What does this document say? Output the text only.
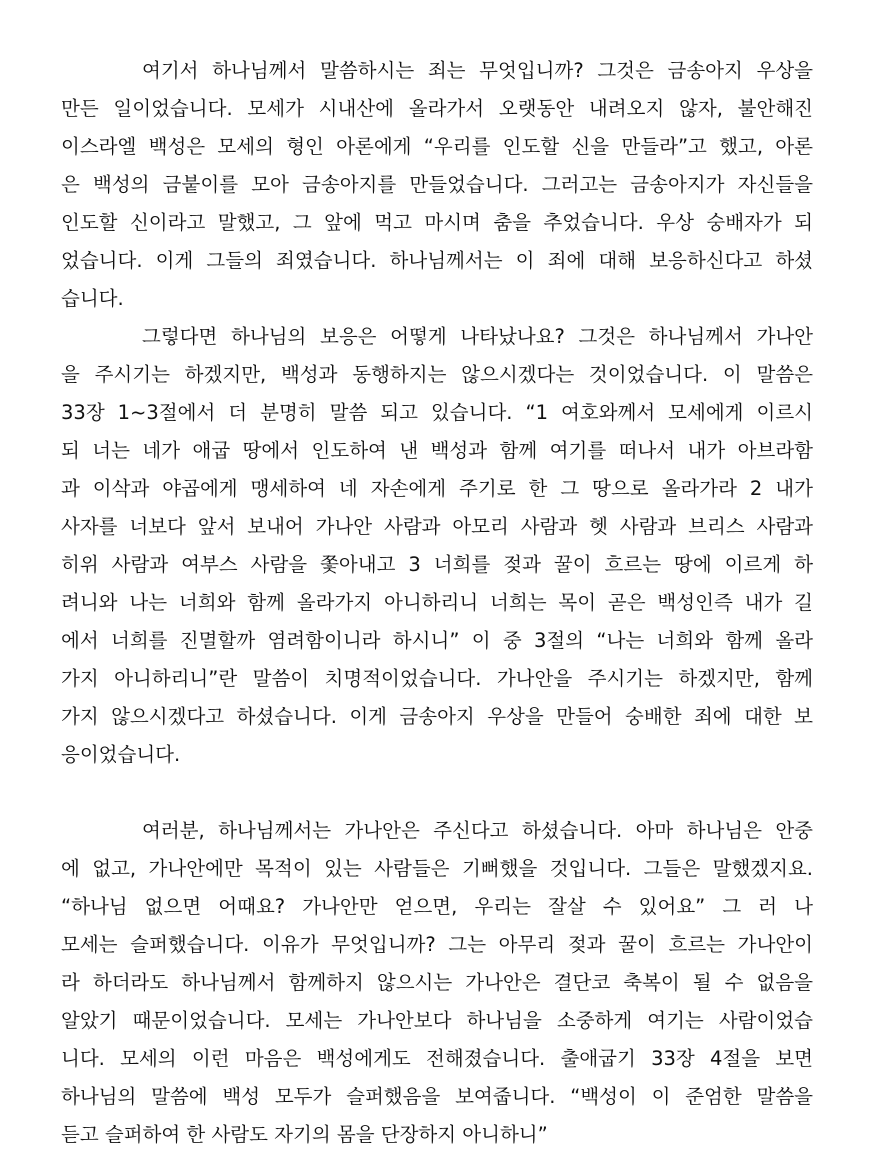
여기서 하나님께서 말씀하시는 죄는 무엇입니까? 그것은 금송아지 우상을
만든 일이었습니다. 모세가 시내산에 올라가서 오랫동안 내려오지 않자, 불안해진
이스라엘 백성은 모세의 형인 아론에게 “우리를 인도할 신을 만들라”고 했고, 아론
은 백성의 금붙이를 모아 금송아지를 만들었습니다. 그러고는 금송아지가 자신들을
인도할 신이라고 말했고, 그 앞에 먹고 마시며 춤을 추었습니다. 우상 숭배자가 되
었습니다. 이게 그들의 죄였습니다. 하나님께서는 이 죄에 대해 보응하신다고 하셨
습니다.
그렇다면 하나님의 보응은 어떻게 나타났나요? 그것은 하나님께서 가나안
을 주시기는 하겠지만, 백성과 동행하지는 않으시겠다는 것이었습니다. 이 말씀은
33장 1~3절에서 더 분명히 말씀 되고 있습니다. “1 여호와께서 모세에게 이르시
되 너는 네가 애굽 땅에서 인도하여 낸 백성과 함께 여기를 떠나서 내가 아브라함
과 이삭과 야곱에게 맹세하여 네 자손에게 주기로 한 그 땅으로 올라가라 2 내가
사자를 너보다 앞서 보내어 가나안 사람과 아모리 사람과 헷 사람과 브리스 사람과
히위 사람과 여부스 사람을 쫓아내고 3 너희를 젖과 꿀이 흐르는 땅에 이르게 하
려니와 나는 너희와 함께 올라가지 아니하리니 너희는 목이 곧은 백성인즉 내가 길
에서 너희를 진멸할까 염려함이니라 하시니” 이 중 3절의 “나는 너희와 함께 올라
가지 아니하리니”란 말씀이 치명적이었습니다. 가나안을 주시기는 하겠지만, 함께
가지 않으시겠다고 하셨습니다. 이게 금송아지 우상을 만들어 숭배한 죄에 대한 보
응이었습니다.
여러분, 하나님께서는 가나안은 주신다고 하셨습니다. 아마 하나님은 안중
에 없고, 가나안에만 목적이 있는 사람들은 기뻐했을 것입니다. 그들은 말했겠지요.
“하나님 없으면 어때요? 가나안만 얻으면, 우리는 잘살 수 있어요” 그 러 나
모세는 슬퍼했습니다. 이유가 무엇입니까? 그는 아무리 젖과 꿀이 흐르는 가나안이
라 하더라도 하나님께서 함께하지 않으시는 가나안은 결단코 축복이 될 수 없음을
알았기 때문이었습니다. 모세는 가나안보다 하나님을 소중하게 여기는 사람이었습
니다. 모세의 이런 마음은 백성에게도 전해졌습니다. 출애굽기 33장 4절을 보면
하나님의 말씀에 백성 모두가 슬퍼했음을 보여줍니다. “백성이 이 준엄한 말씀을
듣고 슬퍼하여 한 사람도 자기의 몸을 단장하지 아니하니”
